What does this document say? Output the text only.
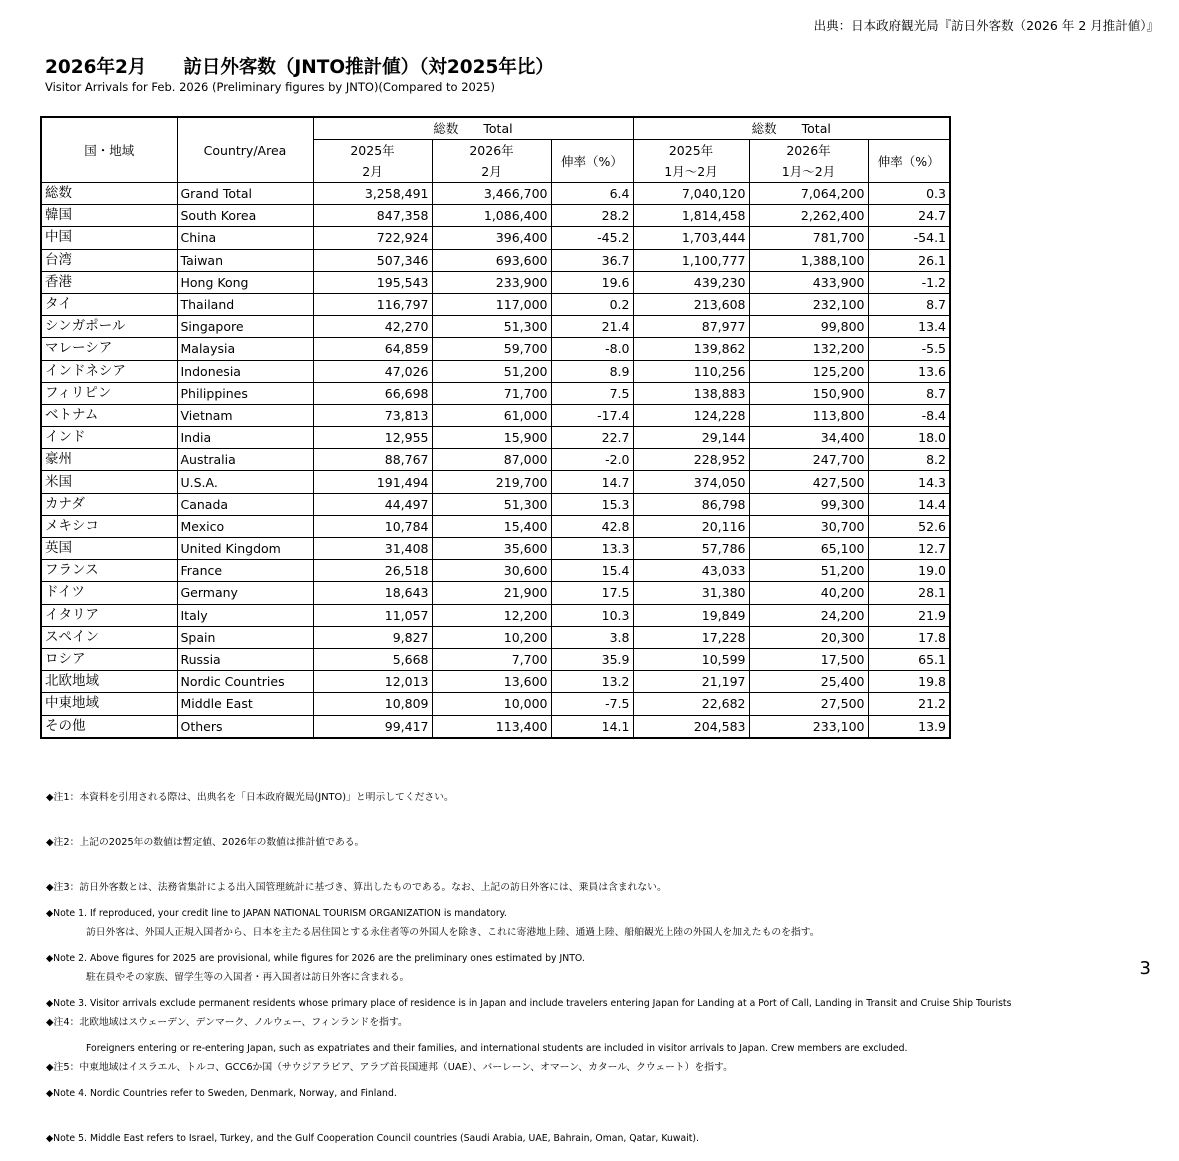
出典：日本政府観光局『訪日外客数（2026 年 2 月推計値）』
2026年2月　　訪日外客数（JNTO推計値）（対2025年比）
Visitor Arrivals for Feb. 2026 (Preliminary figures by JNTO)(Compared to 2025)
国・地域	Country/Area	総数　　Total			総数　　Total		
		2025年	2026年	伸率（%）	2025年	2026年	伸率（%）
		2月	2月		1月～2月	1月～2月	
総数	Grand Total	3,258,491	3,466,700	6.4	7,040,120	7,064,200	0.3
韓国	South Korea	847,358	1,086,400	28.2	1,814,458	2,262,400	24.7
中国	China	722,924	396,400	-45.2	1,703,444	781,700	-54.1
台湾	Taiwan	507,346	693,600	36.7	1,100,777	1,388,100	26.1
香港	Hong Kong	195,543	233,900	19.6	439,230	433,900	-1.2
タイ	Thailand	116,797	117,000	0.2	213,608	232,100	8.7
シンガポール	Singapore	42,270	51,300	21.4	87,977	99,800	13.4
マレーシア	Malaysia	64,859	59,700	-8.0	139,862	132,200	-5.5
インドネシア	Indonesia	47,026	51,200	8.9	110,256	125,200	13.6
フィリピン	Philippines	66,698	71,700	7.5	138,883	150,900	8.7
ベトナム	Vietnam	73,813	61,000	-17.4	124,228	113,800	-8.4
インド	India	12,955	15,900	22.7	29,144	34,400	18.0
豪州	Australia	88,767	87,000	-2.0	228,952	247,700	8.2
米国	U.S.A.	191,494	219,700	14.7	374,050	427,500	14.3
カナダ	Canada	44,497	51,300	15.3	86,798	99,300	14.4
メキシコ	Mexico	10,784	15,400	42.8	20,116	30,700	52.6
英国	United Kingdom	31,408	35,600	13.3	57,786	65,100	12.7
フランス	France	26,518	30,600	15.4	43,033	51,200	19.0
ドイツ	Germany	18,643	21,900	17.5	31,380	40,200	28.1
イタリア	Italy	11,057	12,200	10.3	19,849	24,200	21.9
スペイン	Spain	9,827	10,200	3.8	17,228	20,300	17.8
ロシア	Russia	5,668	7,700	35.9	10,599	17,500	65.1
北欧地域	Nordic Countries	12,013	13,600	13.2	21,197	25,400	19.8
中東地域	Middle East	10,809	10,000	-7.5	22,682	27,500	21.2
その他	Others	99,417	113,400	14.1	204,583	233,100	13.9

◆注1：本資料を引用される際は、出典名を「日本政府観光局(JNTO)」と明示してください。

◆注2：上記の2025年の数値は暫定値、2026年の数値は推計値である。

◆注3：訪日外客数とは、法務省集計による出入国管理統計に基づき、算出したものである。なお、上記の訪日外客には、乗員は含まれない。

訪日外客は、外国人正規入国者から、日本を主たる居住国とする永住者等の外国人を除き、これに寄港地上陸、通過上陸、船舶観光上陸の外国人を加えたものを指す。

駐在員やその家族、留学生等の入国者・再入国者は訪日外客に含まれる。

◆注4：北欧地域はスウェーデン、デンマーク、ノルウェー、フィンランドを指す。

◆注5：中東地域はイスラエル、トルコ、GCC6か国（サウジアラビア、アラブ首長国連邦（UAE）、バーレーン、オマーン、カタール、クウェート）を指す。

◆Note 1. If reproduced, your credit line to JAPAN NATIONAL TOURISM ORGANIZATION is mandatory.

◆Note 2. Above figures for 2025 are provisional, while figures for 2026 are the preliminary ones estimated by JNTO.

◆Note 3. Visitor arrivals exclude permanent residents whose primary place of residence is in Japan and include travelers entering Japan for Landing at a Port of Call, Landing in Transit and Cruise Ship Tourists

Foreigners entering or re-entering Japan, such as expatriates and their families, and international students are included in visitor arrivals to Japan. Crew members are excluded.

◆Note 4. Nordic Countries refer to Sweden, Denmark, Norway, and Finland.

◆Note 5. Middle East refers to Israel, Turkey, and the Gulf Cooperation Council countries (Saudi Arabia, UAE, Bahrain, Oman, Qatar, Kuwait).

3
